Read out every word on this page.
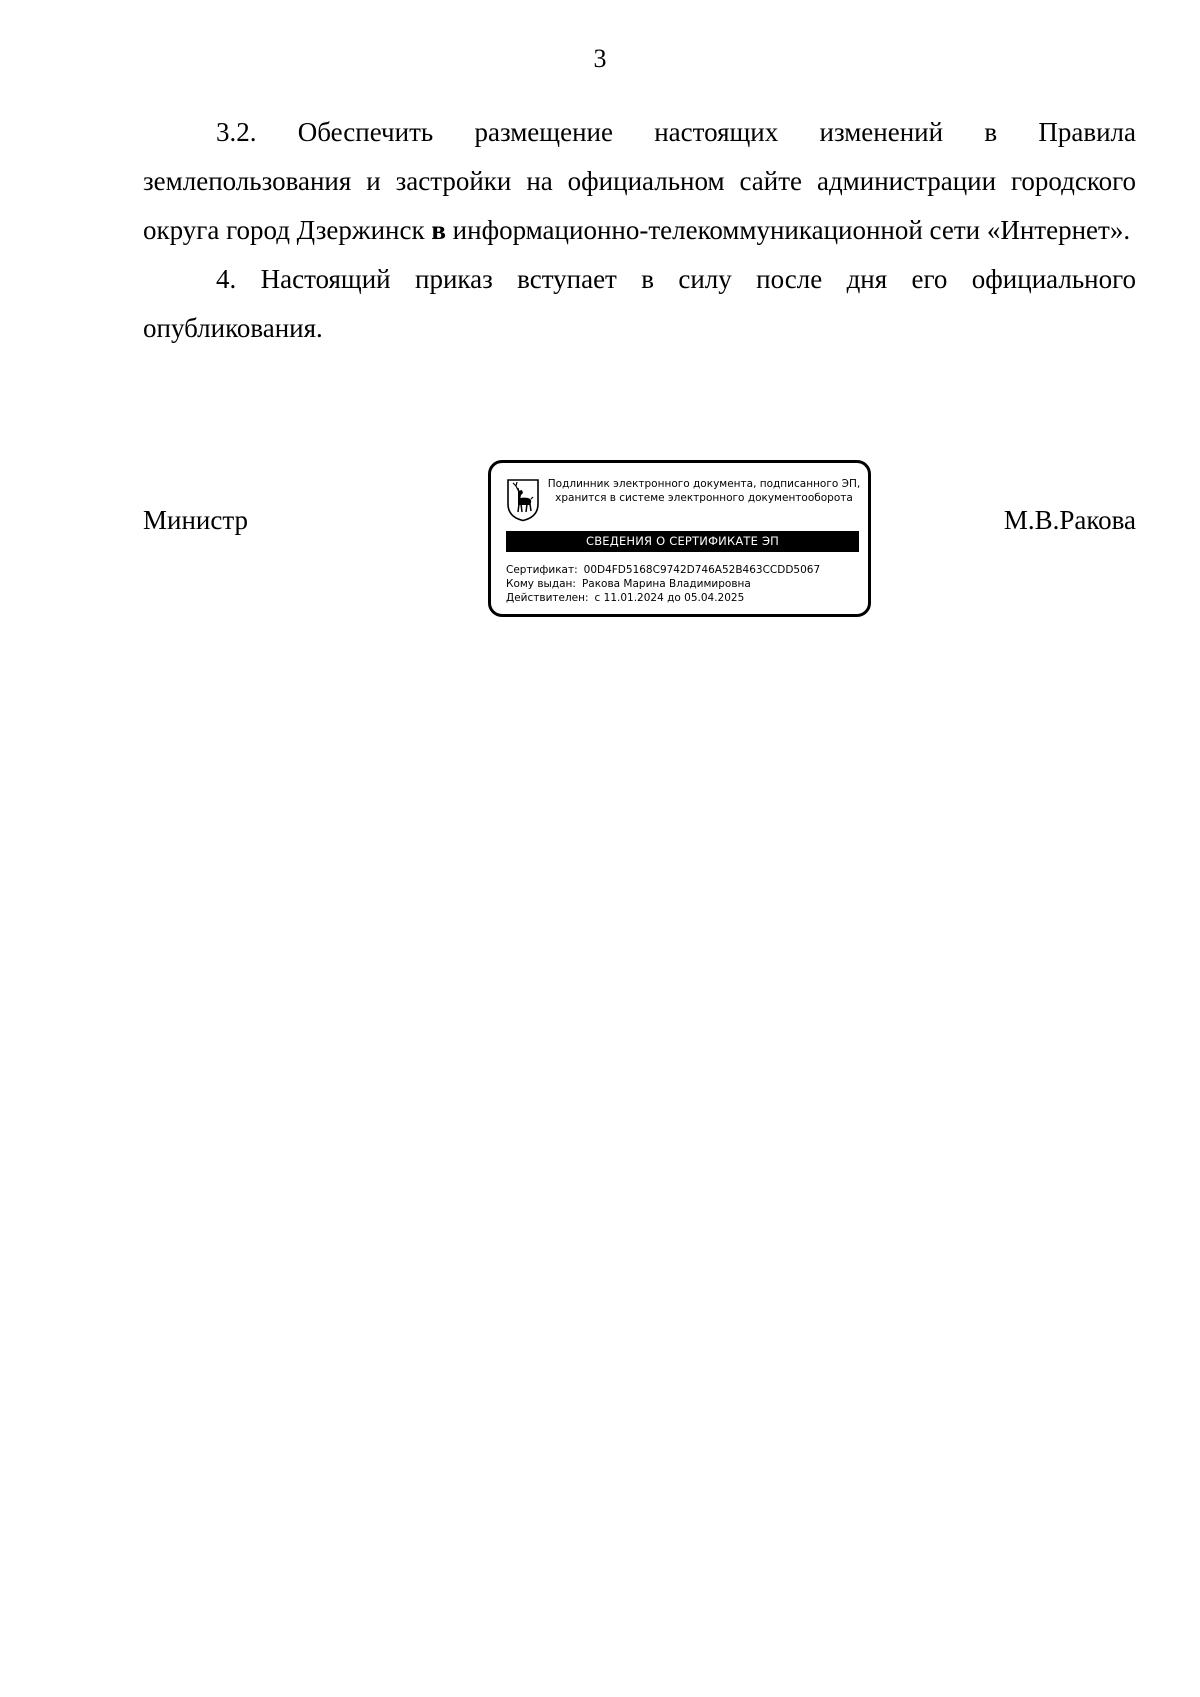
3

3.2. Обеспечить размещение настоящих изменений в Правила землепользования и застройки на официальном сайте администрации городского округа город Дзержинск в информационно-телекоммуникационной сети «Интернет».

4. Настоящий приказ вступает в силу после дня его официального опубликования.

Министр	М.В.Ракова
Подлинник электронного документа, подписанного ЭП, хранится в системе электронного документооборота
СВЕДЕНИЯ О СЕРТИФИКАТЕ ЭП
Сертификат: 00D4FD5168C9742D746A52B463CCDD5067
Кому выдан: Ракова Марина Владимировна
Действителен: с 11.01.2024 до 05.04.2025
